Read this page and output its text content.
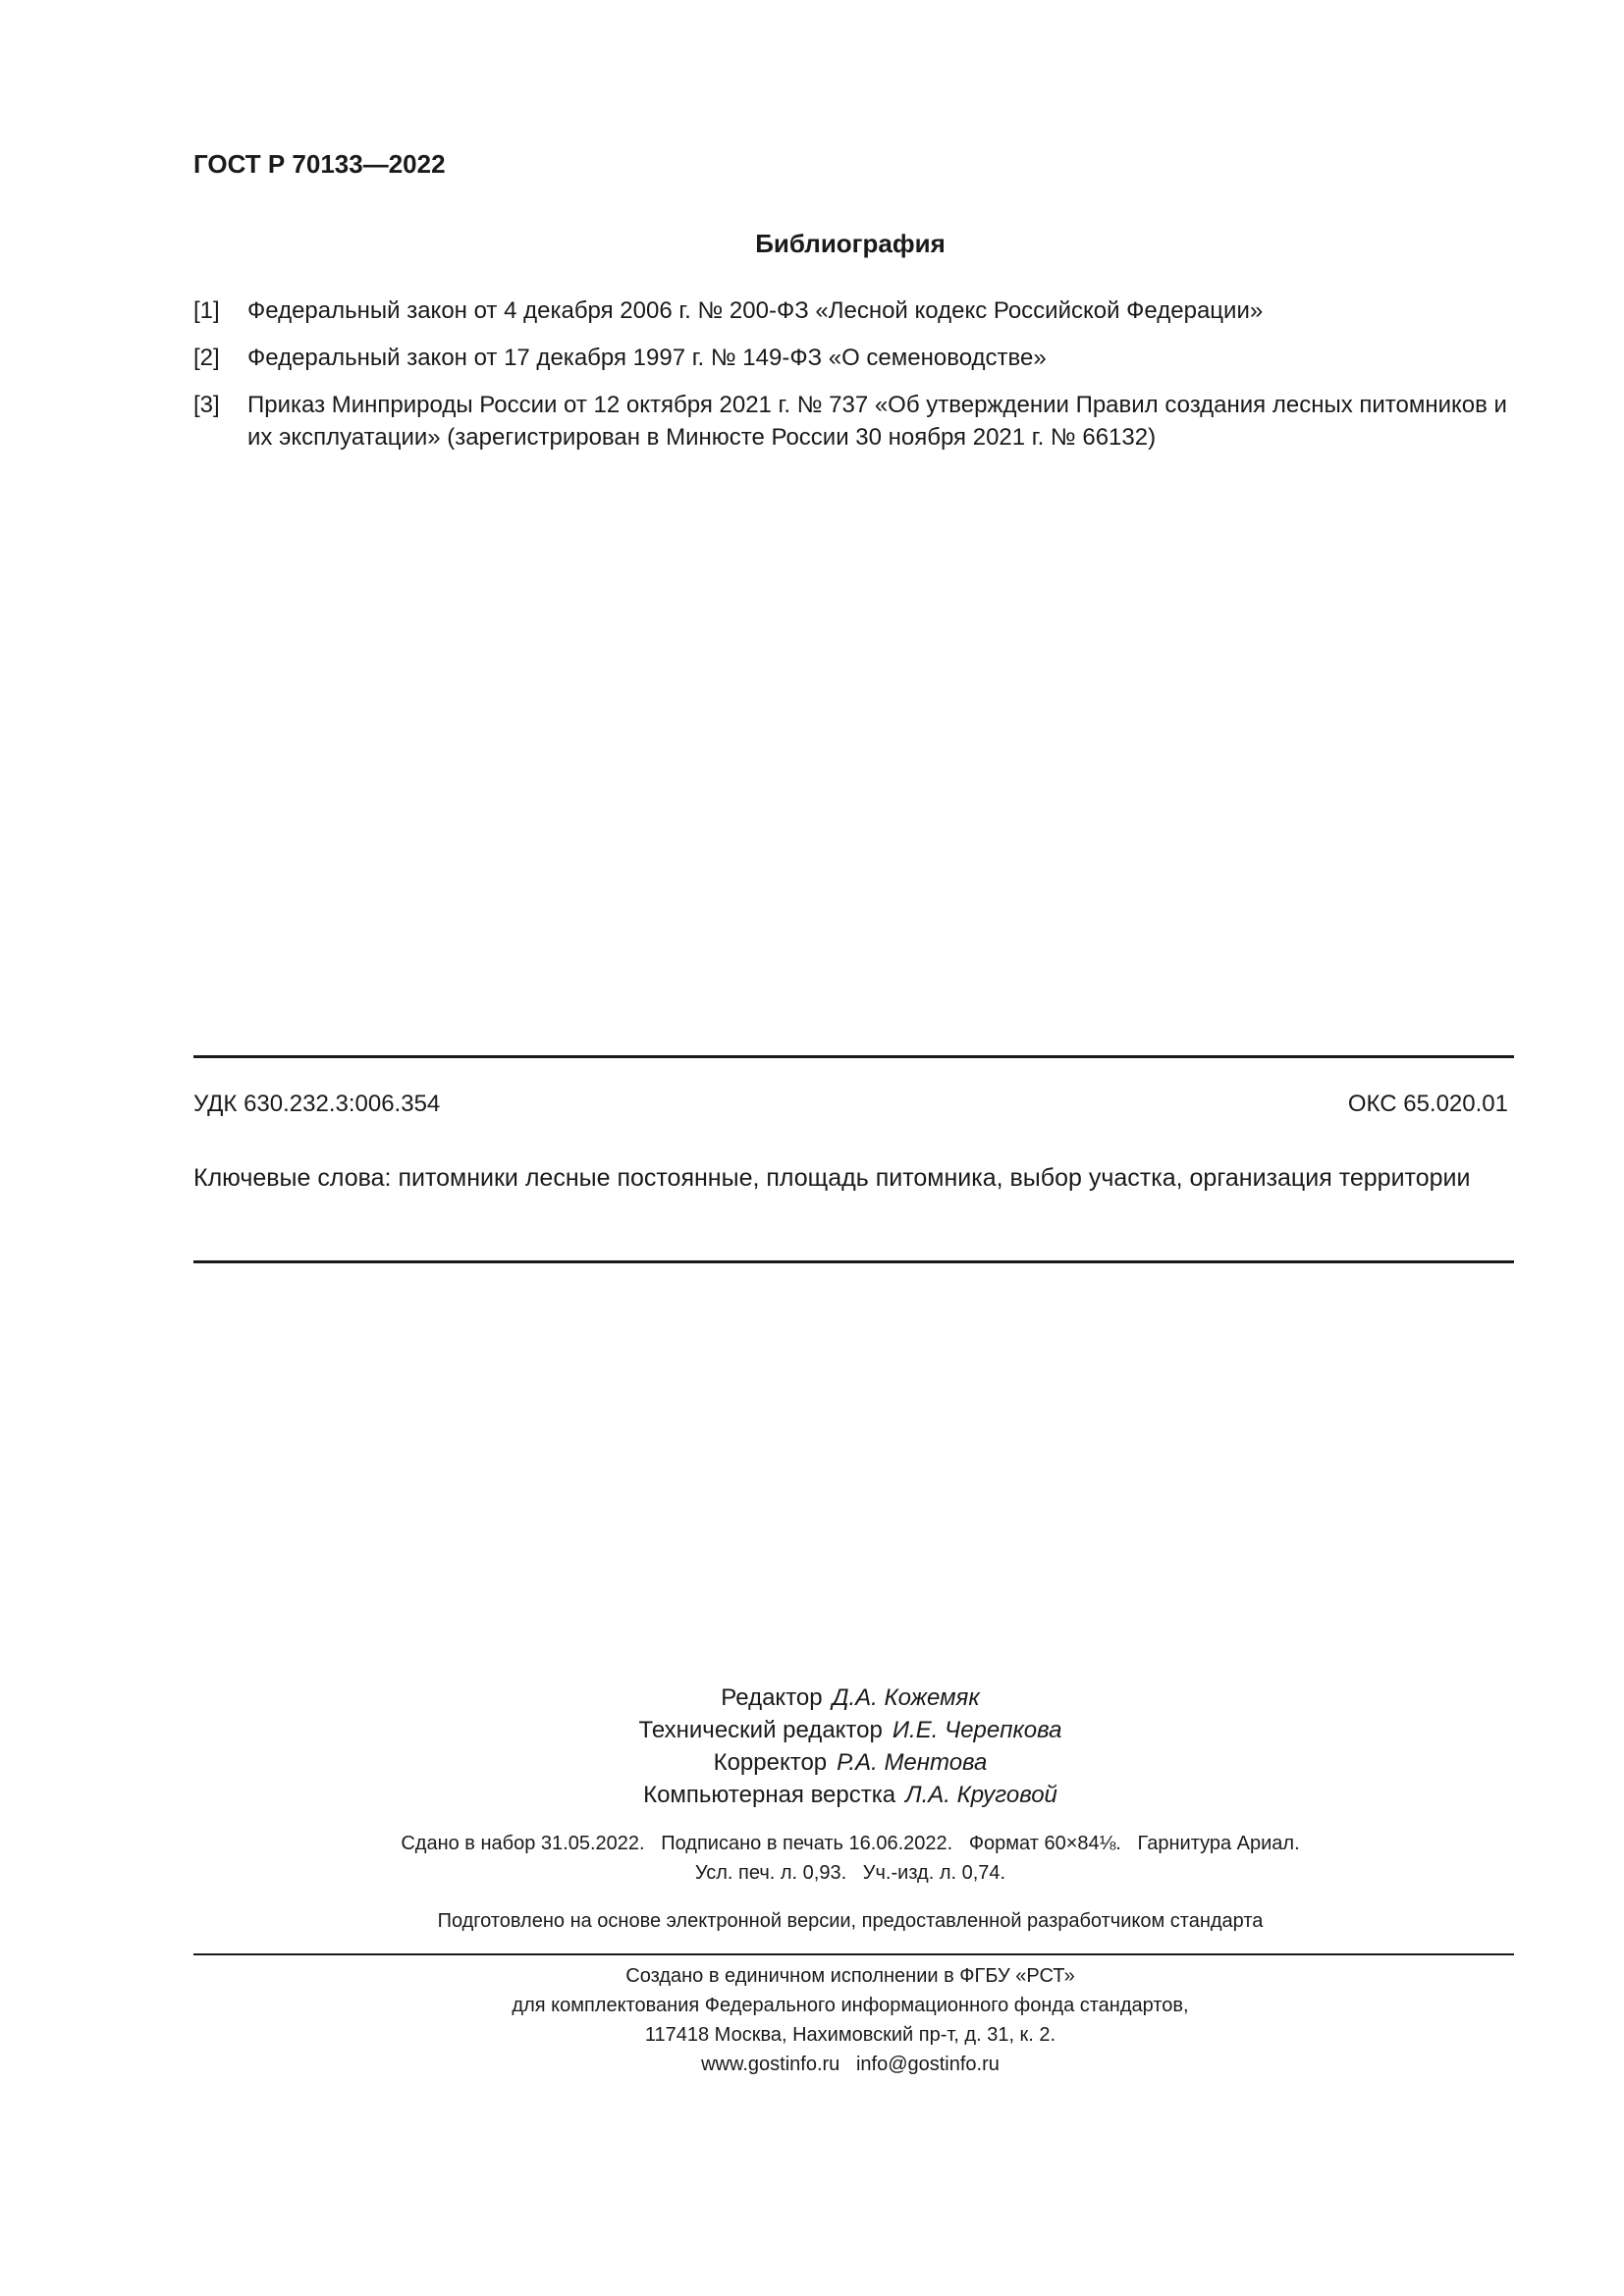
ГОСТ Р 70133—2022
Библиография
[1]	Федеральный закон от 4 декабря 2006 г. № 200-ФЗ «Лесной кодекс Российской Федерации»
[2]	Федеральный закон от 17 декабря 1997 г. № 149-ФЗ «О семеноводстве»
[3]	Приказ Минприроды России от 12 октября 2021 г. № 737 «Об утверждении Правил создания лесных питомников и их эксплуатации» (зарегистрирован в Минюсте России 30 ноября 2021 г. № 66132)
УДК 630.232.3:006.354	ОКС 65.020.01
Ключевые слова: питомники лесные постоянные, площадь питомника, выбор участка, организация территории
Редактор Д.А. Кожемяк
Технический редактор И.Е. Черепкова
Корректор Р.А. Ментова
Компьютерная верстка Л.А. Круговой
Сдано в набор 31.05.2022.   Подписано в печать 16.06.2022.   Формат 60×84⅛.   Гарнитура Ариал.
Усл. печ. л. 0,93.   Уч.-изд. л. 0,74.
Подготовлено на основе электронной версии, предоставленной разработчиком стандарта
Создано в единичном исполнении в ФГБУ «РСТ»
для комплектования Федерального информационного фонда стандартов,
117418 Москва, Нахимовский пр-т, д. 31, к. 2.
www.gostinfo.ru   info@gostinfo.ru
